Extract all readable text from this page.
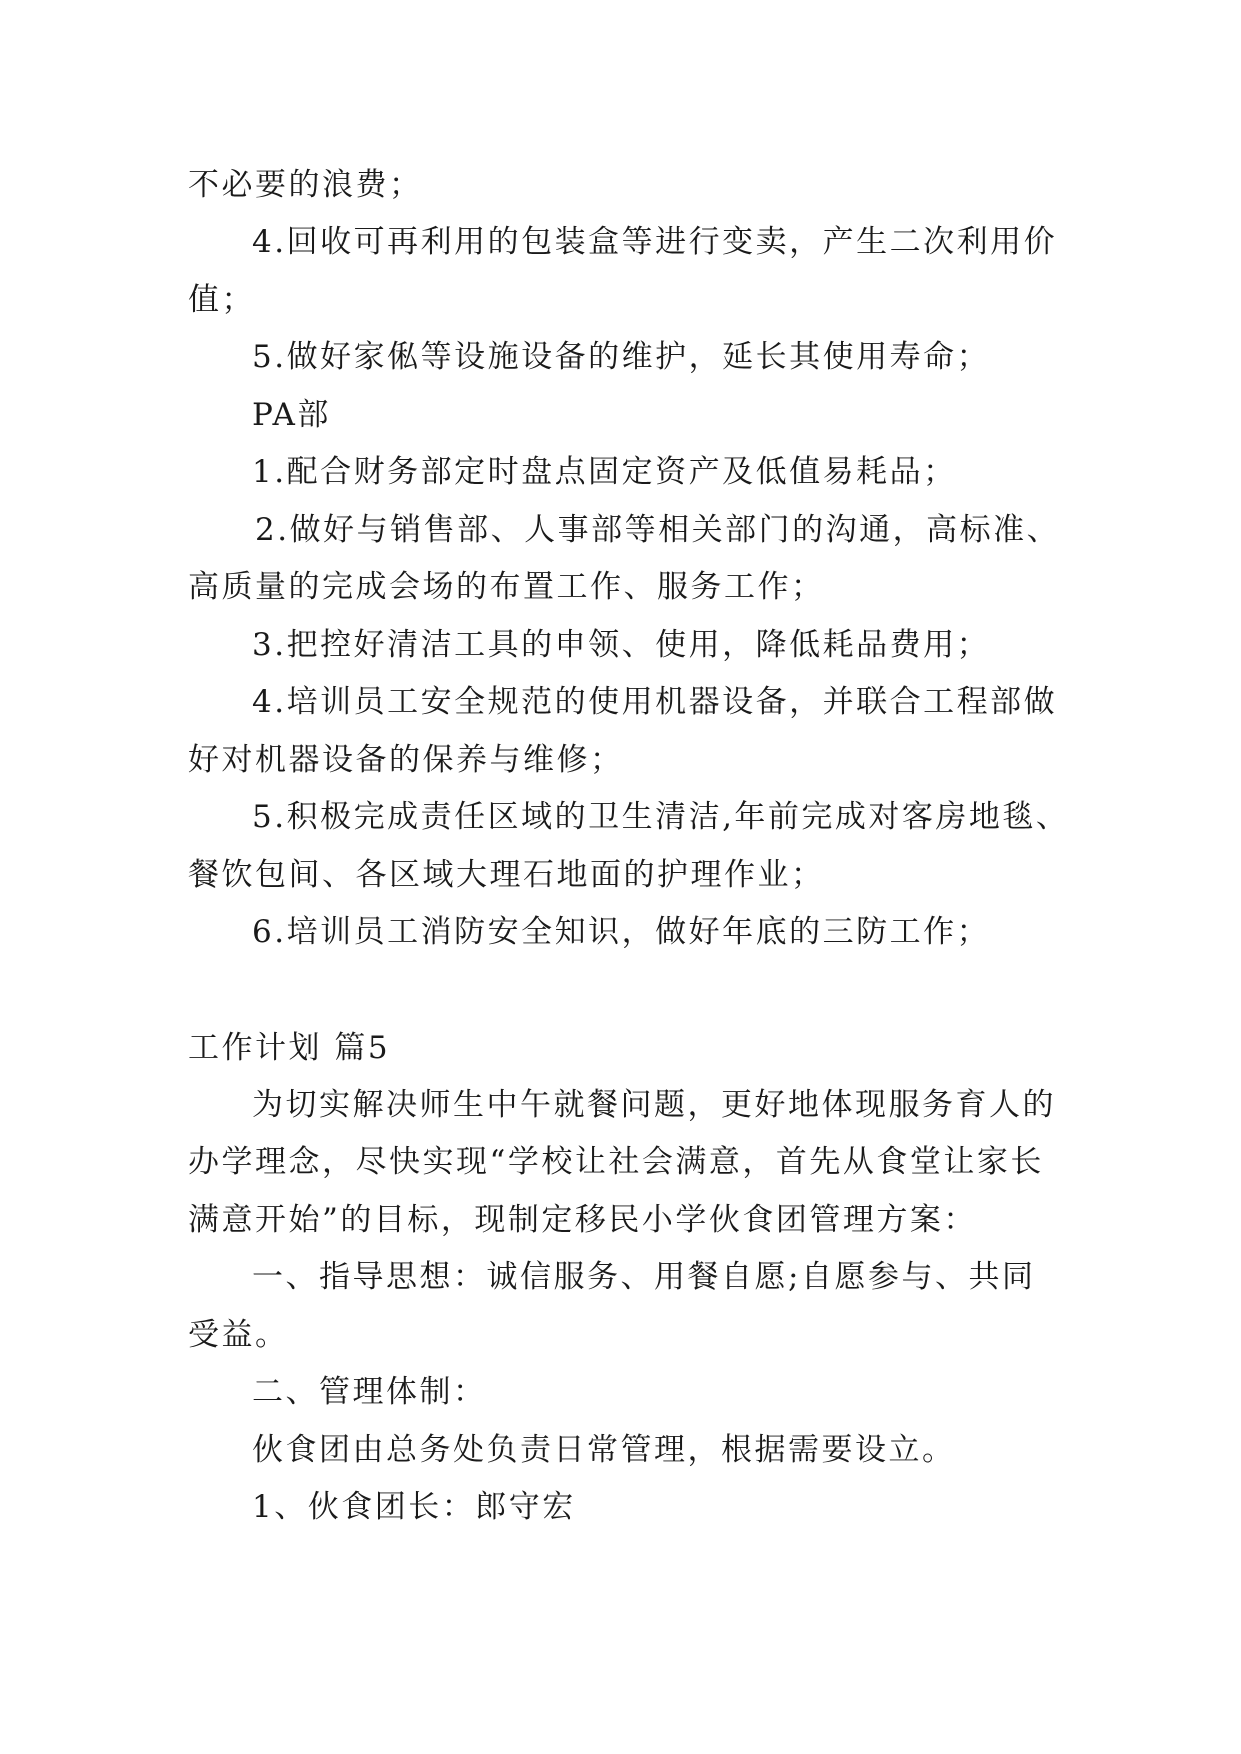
不必要的浪费；

4.回收可再利用的包装盒等进行变卖，产生二次利用价

值；

5.做好家俬等设施设备的维护，延长其使用寿命；

PA部

1.配合财务部定时盘点固定资产及低值易耗品；

2.做好与销售部、人事部等相关部门的沟通，高标准、

高质量的完成会场的布置工作、服务工作；

3.把控好清洁工具的申领、使用，降低耗品费用；

4.培训员工安全规范的使用机器设备，并联合工程部做

好对机器设备的保养与维修；

5.积极完成责任区域的卫生清洁,年前完成对客房地毯、

餐饮包间、各区域大理石地面的护理作业；

6.培训员工消防安全知识，做好年底的三防工作；

工作计划 篇5

为切实解决师生中午就餐问题，更好地体现服务育人的

办学理念，尽快实现“学校让社会满意，首先从食堂让家长

满意开始”的目标，现制定移民小学伙食团管理方案：

一、指导思想：诚信服务、用餐自愿;自愿参与、共同

受益。

二、管理体制：

伙食团由总务处负责日常管理，根据需要设立。

1、伙食团长：郎守宏
